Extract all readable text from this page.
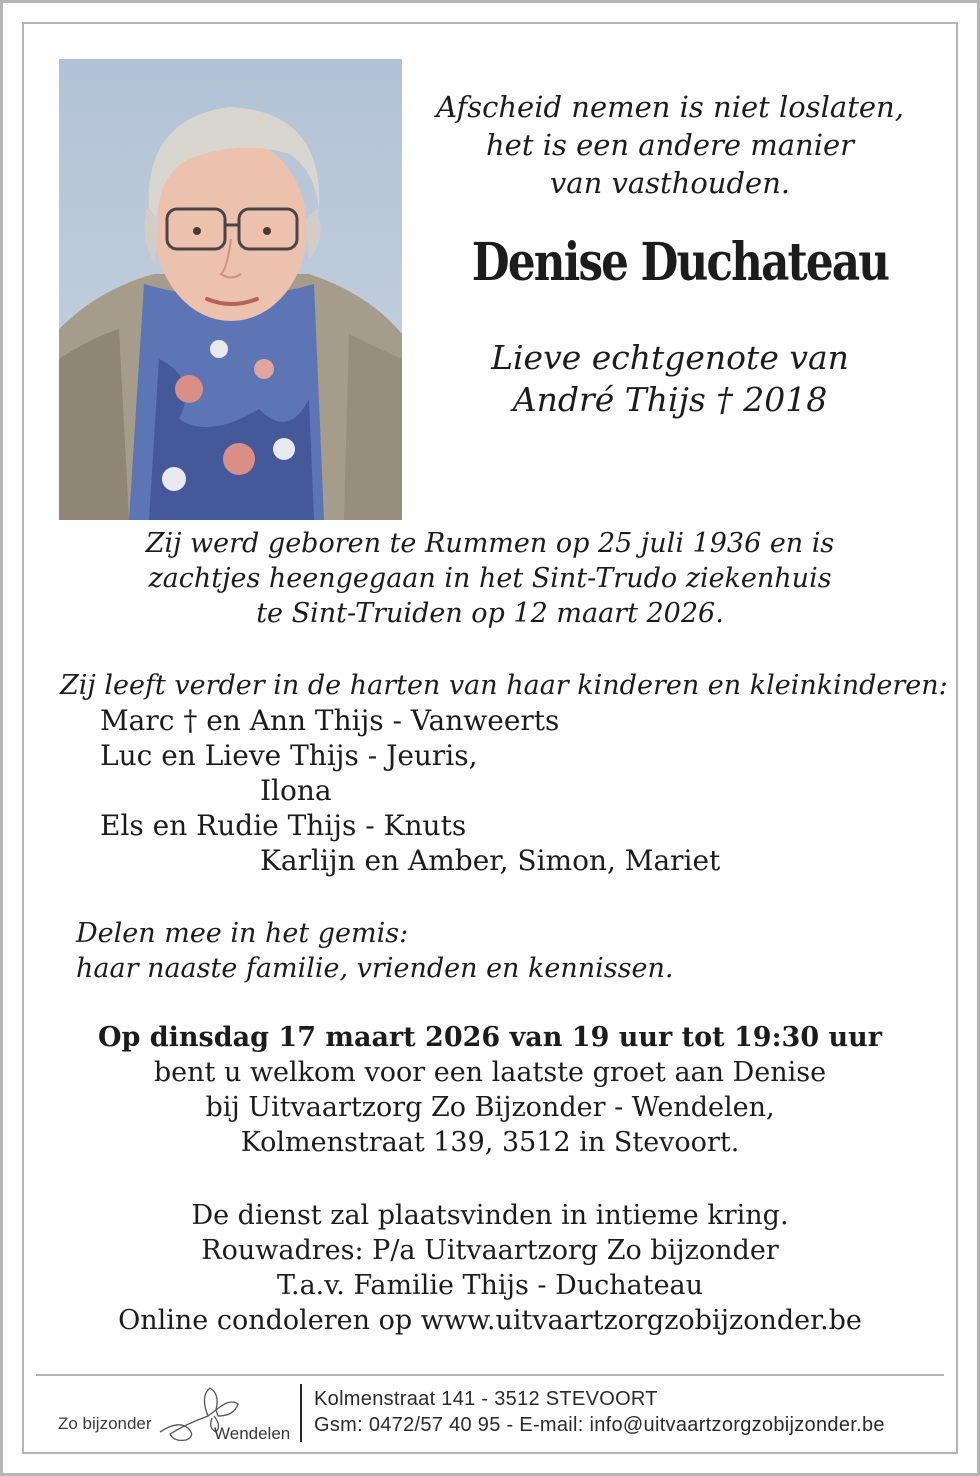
Afscheid nemen is niet loslaten,
het is een andere manier
van vasthouden.
Denise Duchateau
Lieve echtgenote van
André Thijs † 2018
Zij werd geboren te Rummen op 25 juli 1936 en is
zachtjes heengegaan in het Sint-Trudo ziekenhuis
te Sint-Truiden op 12 maart 2026.
Zij leeft verder in de harten van haar kinderen en kleinkinderen:
Marc † en Ann Thijs - Vanweerts
Luc en Lieve Thijs - Jeuris,
Ilona
Els en Rudie Thijs - Knuts
Karlijn en Amber, Simon, Mariet
Delen mee in het gemis:
haar naaste familie, vrienden en kennissen.
Op dinsdag 17 maart 2026 van 19 uur tot 19:30 uur
bent u welkom voor een laatste groet aan Denise
bij Uitvaartzorg Zo Bijzonder - Wendelen,
Kolmenstraat 139, 3512 in Stevoort.
De dienst zal plaatsvinden in intieme kring.
Rouwadres: P/a Uitvaartzorg Zo bijzonder
T.a.v. Familie Thijs - Duchateau
Online condoleren op www.uitvaartzorgzobijzonder.be
Zo bijzonder
Wendelen
Kolmenstraat 141 - 3512 STEVOORT
Gsm: 0472/57 40 95 - E-mail: info@uitvaartzorgzobijzonder.be
